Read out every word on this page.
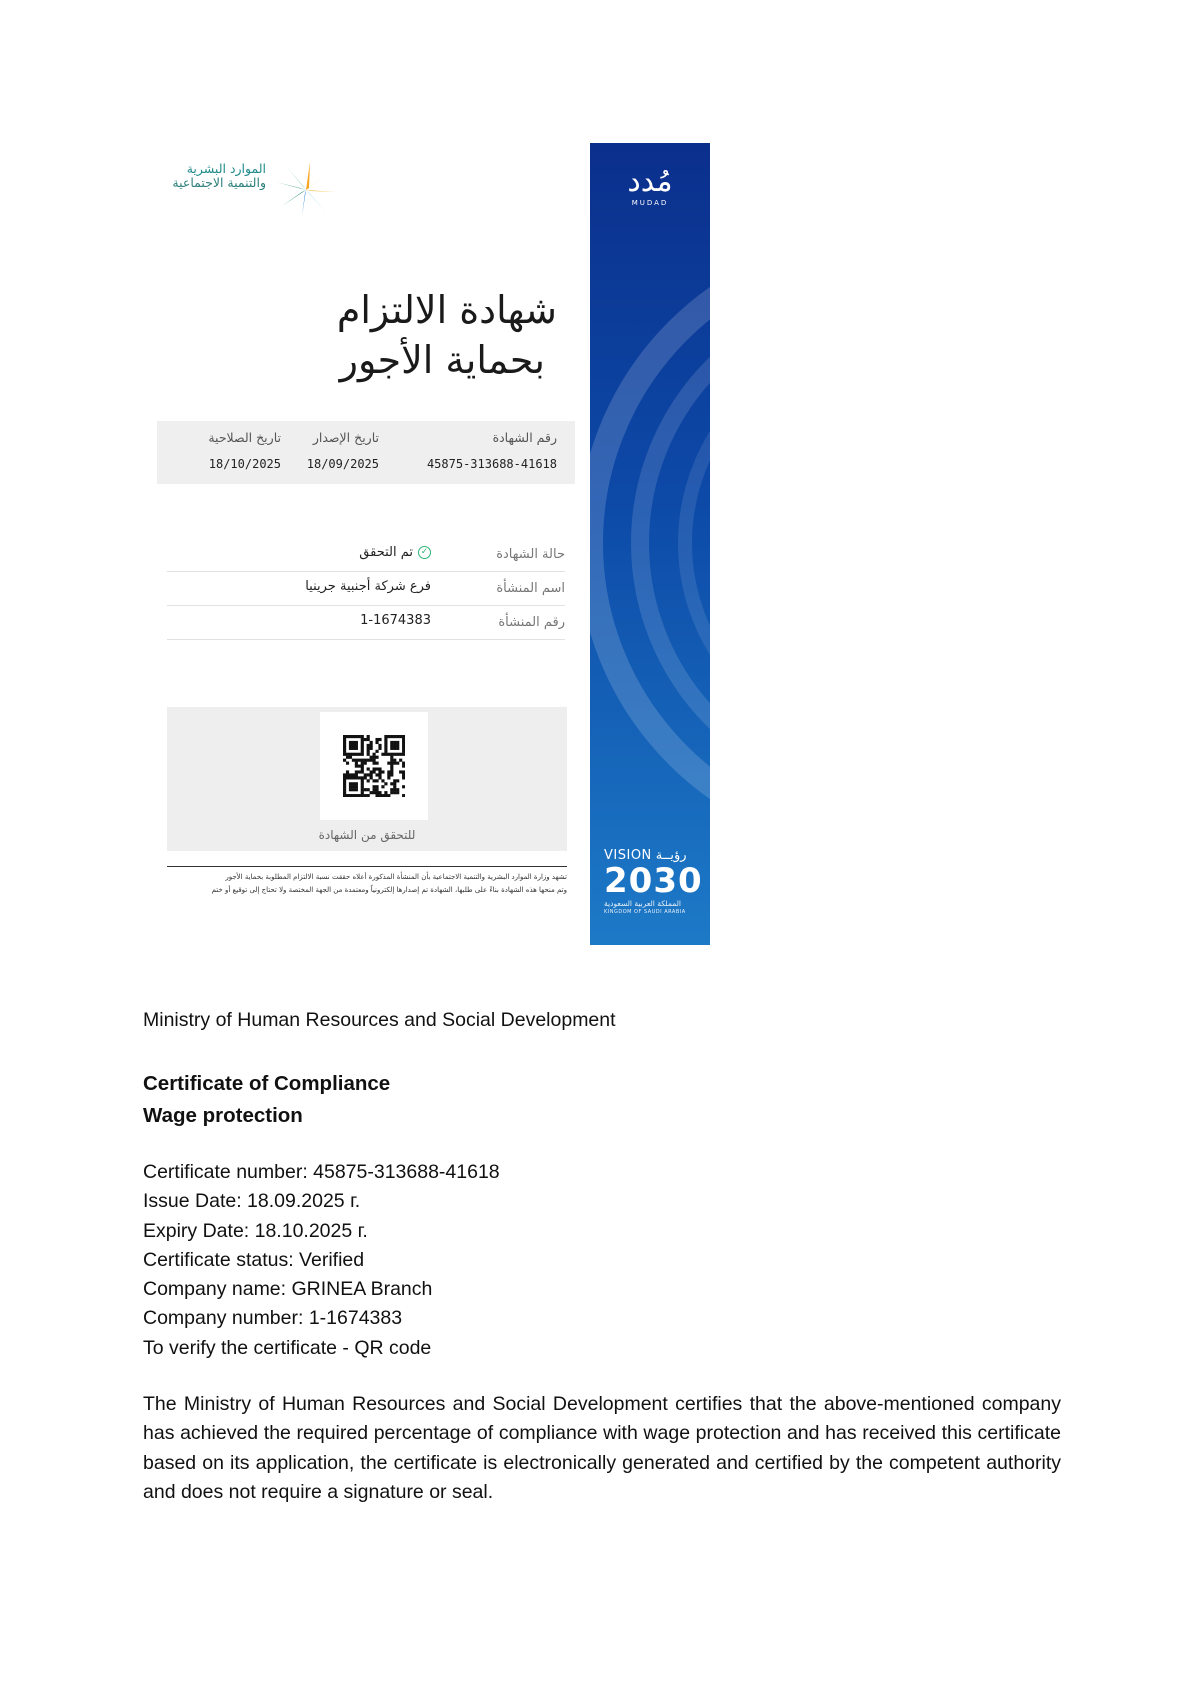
الموارد البشرية
والتنمية الاجتماعية
شهادة الالتزام
بحماية الأجور
رقم الشهادة
45875-313688-41618
تاريخ الإصدار
18/09/2025
تاريخ الصلاحية
18/10/2025
حالة الشهادة
تم التحقق ✓
اسم المنشأة
فرع شركة أجنبية جرينيا
رقم المنشأة
1-1674383
للتحقق من الشهادة
تشهد وزارة الموارد البشرية والتنمية الاجتماعية بأن المنشأة المذكورة أعلاه حققت نسبة الالتزام المطلوبة بحماية الأجور
وتم منحها هذه الشهادة بناءً على طلبها، الشهادة تم إصدارها إلكترونياً ومعتمدة من الجهة المختصة ولا تحتاج إلى توقيع أو ختم
مُدد
MUDAD
VISION رؤيــة
2030
المملكة العربية السعودية
KINGDOM OF SAUDI ARABIA
Ministry of Human Resources and Social Development
Certificate of Compliance
Wage protection
Certificate number: 45875-313688-41618
Issue Date: 18.09.2025 г.
Expiry Date: 18.10.2025 г.
Certificate status: Verified
Company name: GRINEA Branch
Company number: 1-1674383
To verify the certificate - QR code
The Ministry of Human Resources and Social Development certifies that the above-mentioned company has achieved the required percentage of compliance with wage protection and has received this certificate based on its application, the certificate is electronically generated and certified by the competent authority and does not require a signature or seal.
